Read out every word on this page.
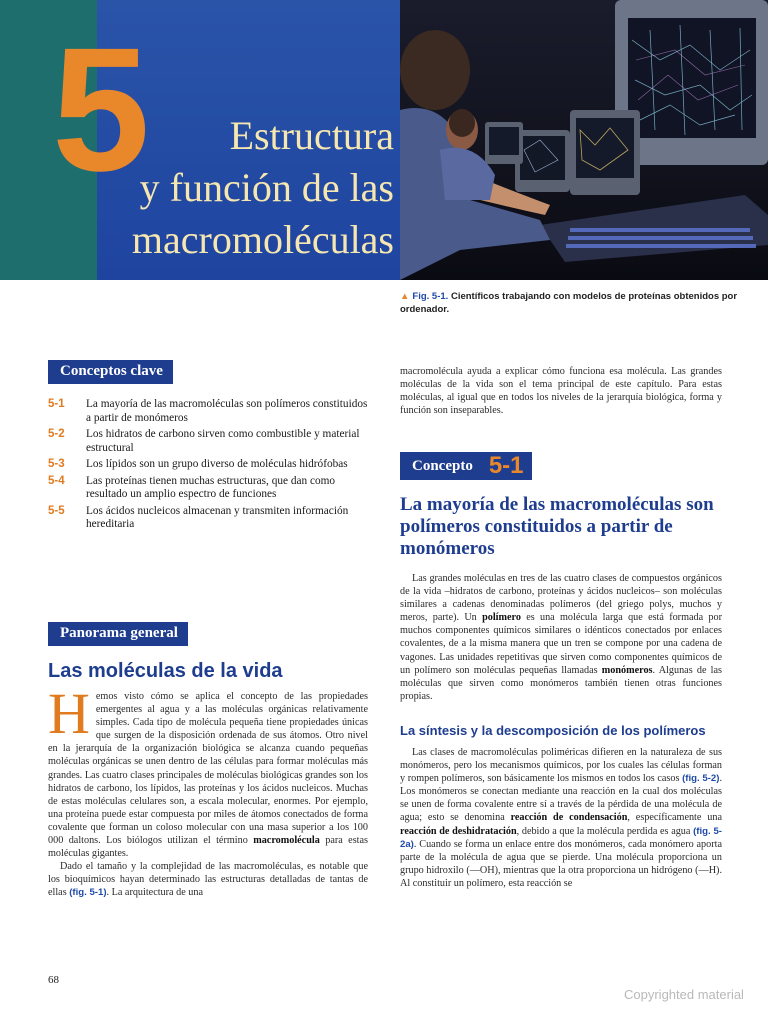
5	Estructura
y función de las
macromoléculas
▲ Fig. 5-1. Científicos trabajando con modelos de proteínas obtenidos por ordenador.
Conceptos clave
5-1	La mayoría de las macromoléculas son polímeros constituidos a partir de monómeros
5-2	Los hidratos de carbono sirven como combustible y material estructural
5-3	Los lípidos son un grupo diverso de moléculas hidrófobas
5-4	Las proteínas tienen muchas estructuras, que dan como resultado un amplio espectro de funciones
5-5	Los ácidos nucleicos almacenan y transmiten información hereditaria
Panorama general
Las moléculas de la vida

Hemos visto cómo se aplica el concepto de las propiedades emergentes al agua y a las moléculas orgánicas relativamente simples. Cada tipo de molécula pequeña tiene propiedades únicas que surgen de la disposición ordenada de sus átomos. Otro nivel en la jerarquía de la organización biológica se alcanza cuando pequeñas moléculas orgánicas se unen dentro de las células para formar moléculas más grandes. Las cuatro clases principales de moléculas biológicas grandes son los hidratos de carbono, los lípidos, las proteínas y los ácidos nucleicos. Muchas de estas moléculas celulares son, a escala molecular, enormes. Por ejemplo, una proteína puede estar compuesta por miles de átomos conectados de forma covalente que forman un coloso molecular con una masa superior a los 100 000 daltons. Los biólogos utilizan el término macromolécula para estas moléculas gigantes.

Dado el tamaño y la complejidad de las macromoléculas, es notable que los bioquímicos hayan determinado las estructuras detalladas de tantas de ellas (fig. 5-1). La arquitectura de una

macromolécula ayuda a explicar cómo funciona esa molécula. Las grandes moléculas de la vida son el tema principal de este capítulo. Para estas moléculas, al igual que en todos los niveles de la jerarquía biológica, forma y función son inseparables.

Concepto 5-1
La mayoría de las macromoléculas son polímeros constituidos a partir de monómeros

Las grandes moléculas en tres de las cuatro clases de compuestos orgánicos de la vida –hidratos de carbono, proteínas y ácidos nucleicos– son moléculas similares a cadenas denominadas polímeros (del griego polys, muchos y meros, parte). Un polímero es una molécula larga que está formada por muchos componentes químicos similares o idénticos conectados por enlaces covalentes, de a la misma manera que un tren se compone por una cadena de vagones. Las unidades repetitivas que sirven como componentes químicos de un polímero son moléculas pequeñas llamadas monómeros. Algunas de las moléculas que sirven como monómeros también tienen otras funciones propias.

La síntesis y la descomposición de los polímeros

Las clases de macromoléculas poliméricas difieren en la naturaleza de sus monómeros, pero los mecanismos químicos, por los cuales las células forman y rompen polímeros, son básicamente los mismos en todos los casos (fig. 5-2). Los monómeros se conectan mediante una reacción en la cual dos moléculas se unen de forma covalente entre sí a través de la pérdida de una molécula de agua; esto se denomina reacción de condensación, específicamente una reacción de deshidratación, debido a que la molécula perdida es agua (fig. 5-2a). Cuando se forma un enlace entre dos monómeros, cada monómero aporta parte de la molécula de agua que se pierde. Una molécula proporciona un grupo hidroxilo (—OH), mientras que la otra proporciona un hidrógeno (—H). Al constituir un polímero, esta reacción se

68
Copyrighted material
